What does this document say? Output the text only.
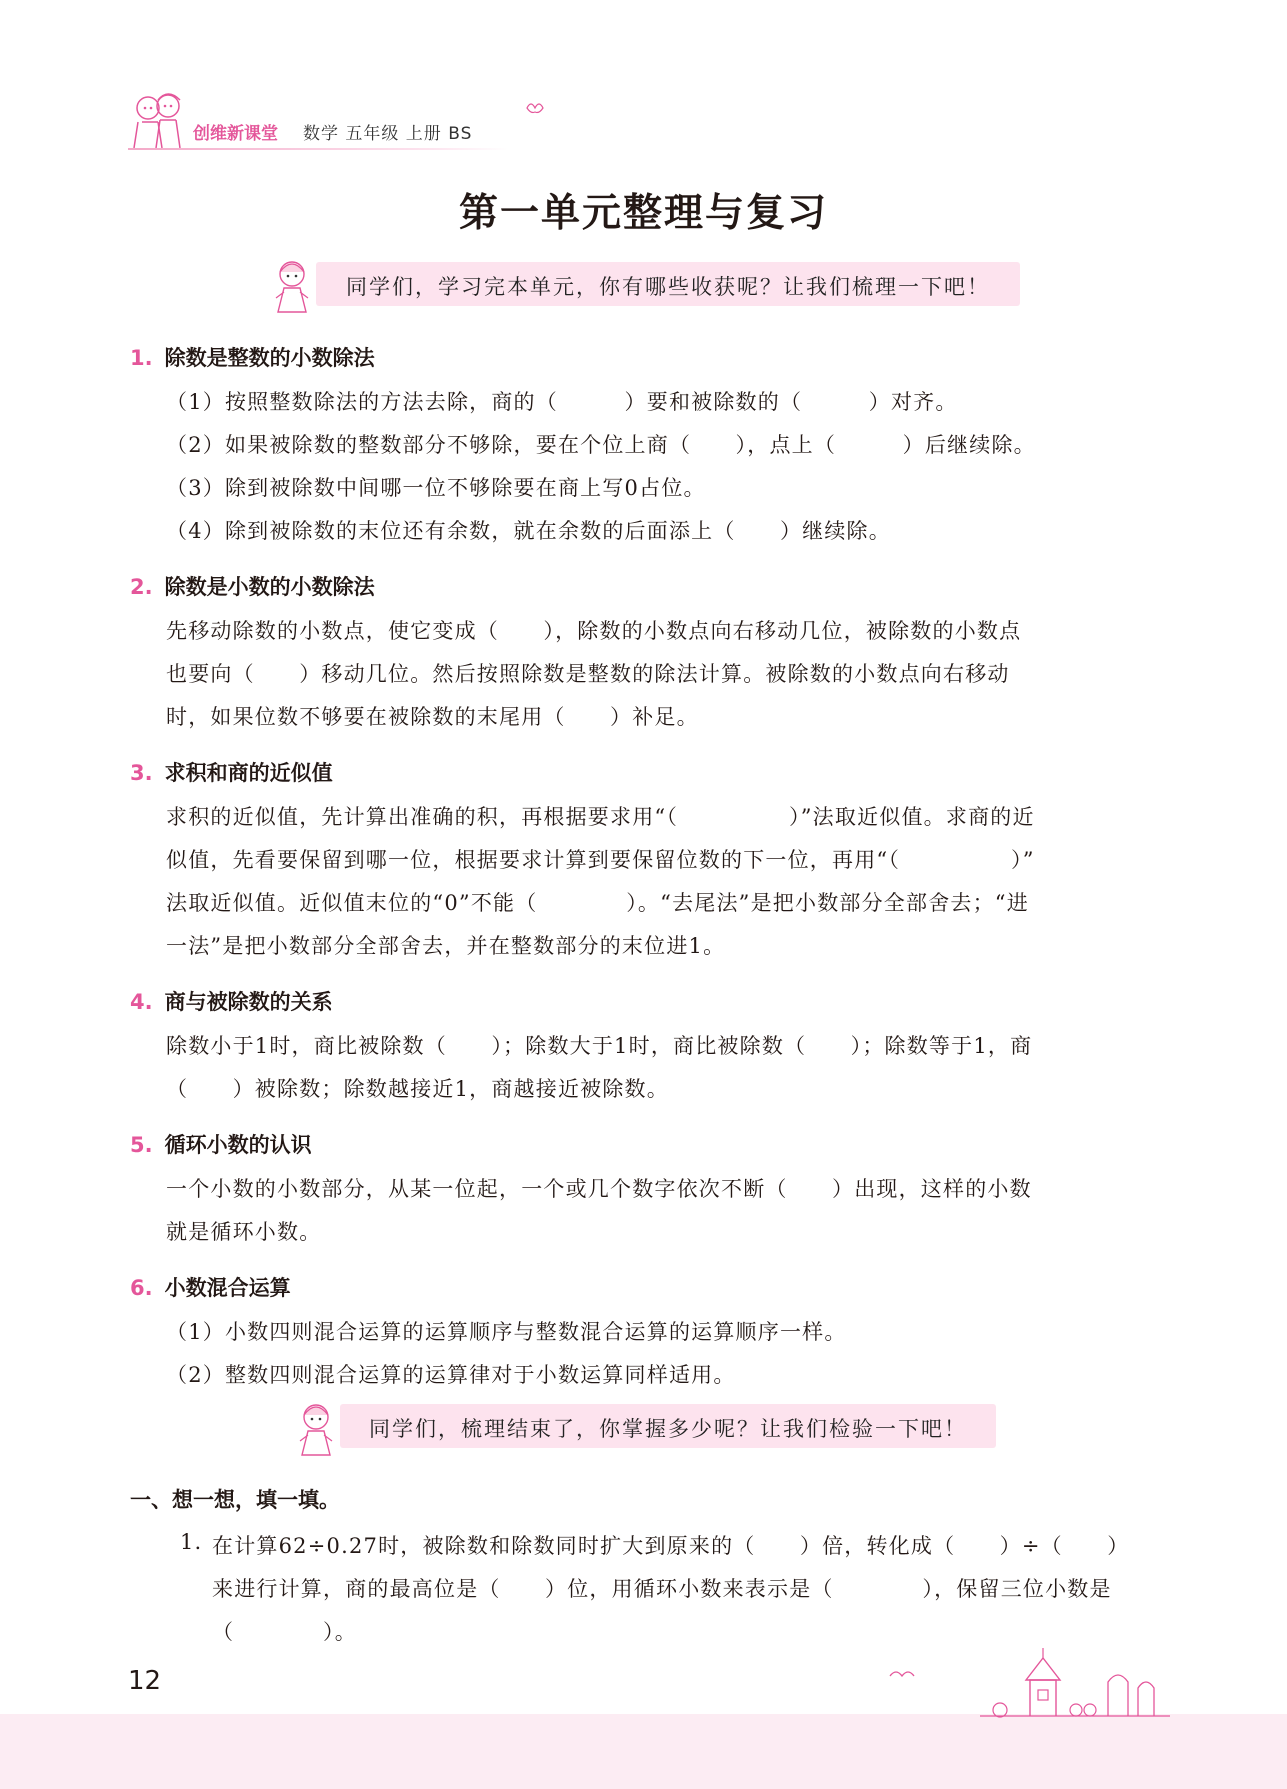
创维新课堂 数学 五年级 上册 BS
第一单元整理与复习
同学们，学习完本单元，你有哪些收获呢？让我们梳理一下吧！
1. 除数是整数的小数除法
（1）按照整数除法的方法去除，商的（　　　）要和被除数的（　　　）对齐。
（2）如果被除数的整数部分不够除，要在个位上商（　　），点上（　　　）后继续除。
（3）除到被除数中间哪一位不够除要在商上写0占位。
（4）除到被除数的末位还有余数，就在余数的后面添上（　　）继续除。
2. 除数是小数的小数除法
先移动除数的小数点，使它变成（　　），除数的小数点向右移动几位，被除数的小数点
也要向（　　）移动几位。然后按照除数是整数的除法计算。被除数的小数点向右移动
时，如果位数不够要在被除数的末尾用（　　）补足。
3. 求积和商的近似值
求积的近似值，先计算出准确的积，再根据要求用“（　　　　　）”法取近似值。求商的近
似值，先看要保留到哪一位，根据要求计算到要保留位数的下一位，再用“（　　　　　）”
法取近似值。近似值末位的“0”不能（　　　　）。“去尾法”是把小数部分全部舍去；“进
一法”是把小数部分全部舍去，并在整数部分的末位进1。
4. 商与被除数的关系
除数小于1时，商比被除数（　　）；除数大于1时，商比被除数（　　）；除数等于1，商
（　　）被除数；除数越接近1，商越接近被除数。
5. 循环小数的认识
一个小数的小数部分，从某一位起，一个或几个数字依次不断（　　）出现，这样的小数
就是循环小数。
6. 小数混合运算
（1）小数四则混合运算的运算顺序与整数混合运算的运算顺序一样。
（2）整数四则混合运算的运算律对于小数运算同样适用。
同学们，梳理结束了，你掌握多少呢？让我们检验一下吧！
一、想一想，填一填。
1. 在计算62÷0.27时，被除数和除数同时扩大到原来的（　　）倍，转化成（　　）÷（　　）
来进行计算，商的最高位是（　　）位，用循环小数来表示是（　　　　），保留三位小数是
（　　　　）。
12
